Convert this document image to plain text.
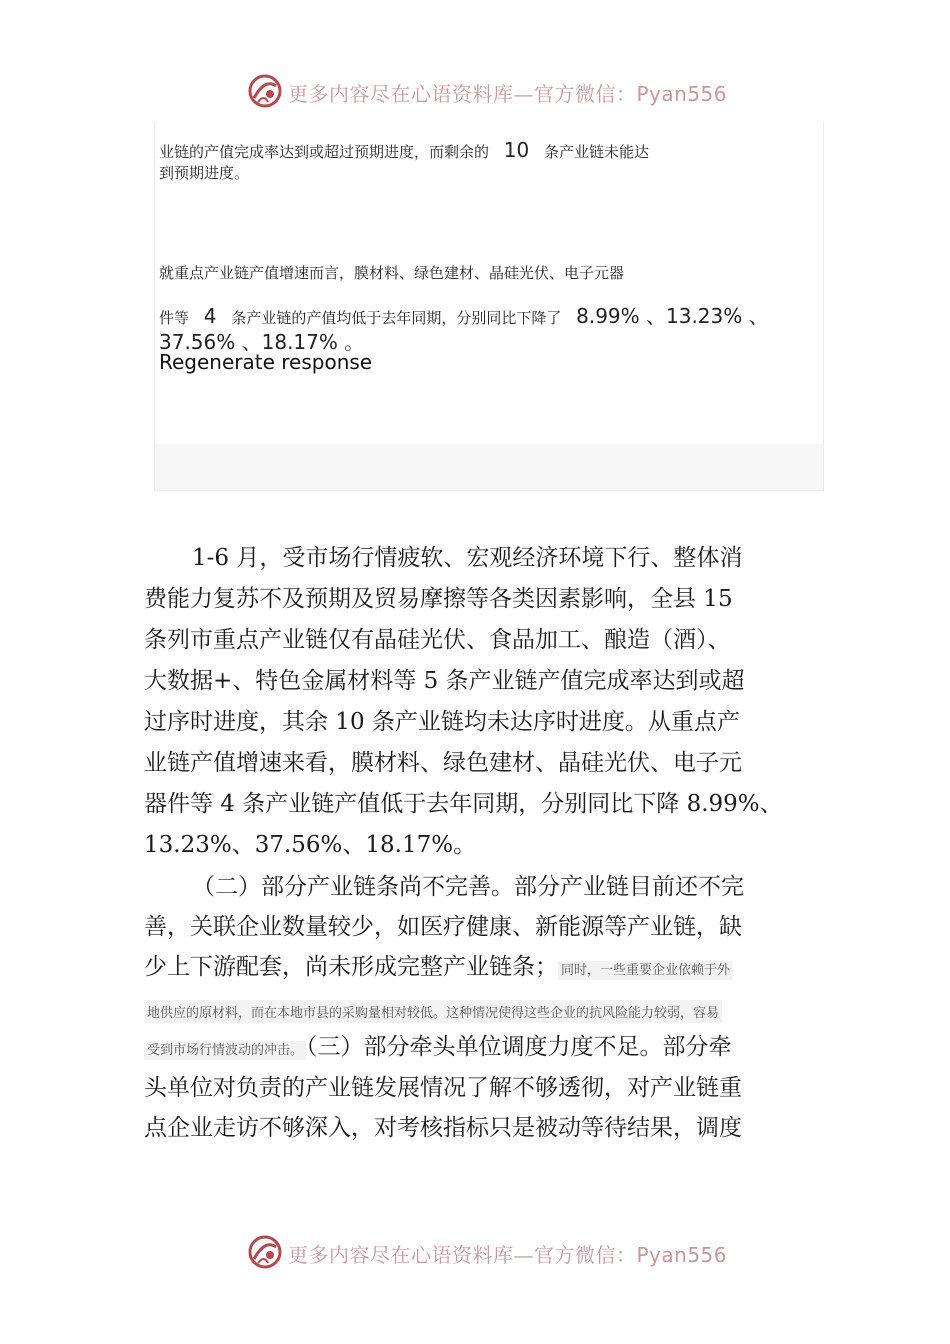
更多内容尽在心语资料库—官方微信：Pyan556
业链的产值完成率达到或超过预期进度，而剩余的 10 条产业链未能达
到预期进度。
就重点产业链产值增速而言，膜材料、绿色建材、晶硅光伏、电子元器
件等 4 条产业链的产值均低于去年同期，分别同比下降了 8.99% 、13.23% 、
37.56% 、18.17% 。
Regenerate response
1-6 月，受市场行情疲软、宏观经济环境下行、整体消
费能力复苏不及预期及贸易摩擦等各类因素影响，全县 15
条列市重点产业链仅有晶硅光伏、食品加工、酿造（酒）、
大数据+、特色金属材料等 5 条产业链产值完成率达到或超
过序时进度，其余 10 条产业链均未达序时进度。从重点产
业链产值增速来看，膜材料、绿色建材、晶硅光伏、电子元
器件等 4 条产业链产值低于去年同期，分别同比下降 8.99%、
13.23%、37.56%、18.17%。
（二）部分产业链条尚不完善。部分产业链目前还不完
善，关联企业数量较少，如医疗健康、新能源等产业链，缺
少上下游配套，尚未形成完整产业链条； 同时，一些重要企业依赖于外
地供应的原材料，而在本地市县的采购量相对较低。这种情况使得这些企业的抗风险能力较弱，容易
受到市场行情波动的冲击。 （三）部分牵头单位调度力度不足。部分牵
头单位对负责的产业链发展情况了解不够透彻，对产业链重
点企业走访不够深入，对考核指标只是被动等待结果，调度
更多内容尽在心语资料库—官方微信：Pyan556
